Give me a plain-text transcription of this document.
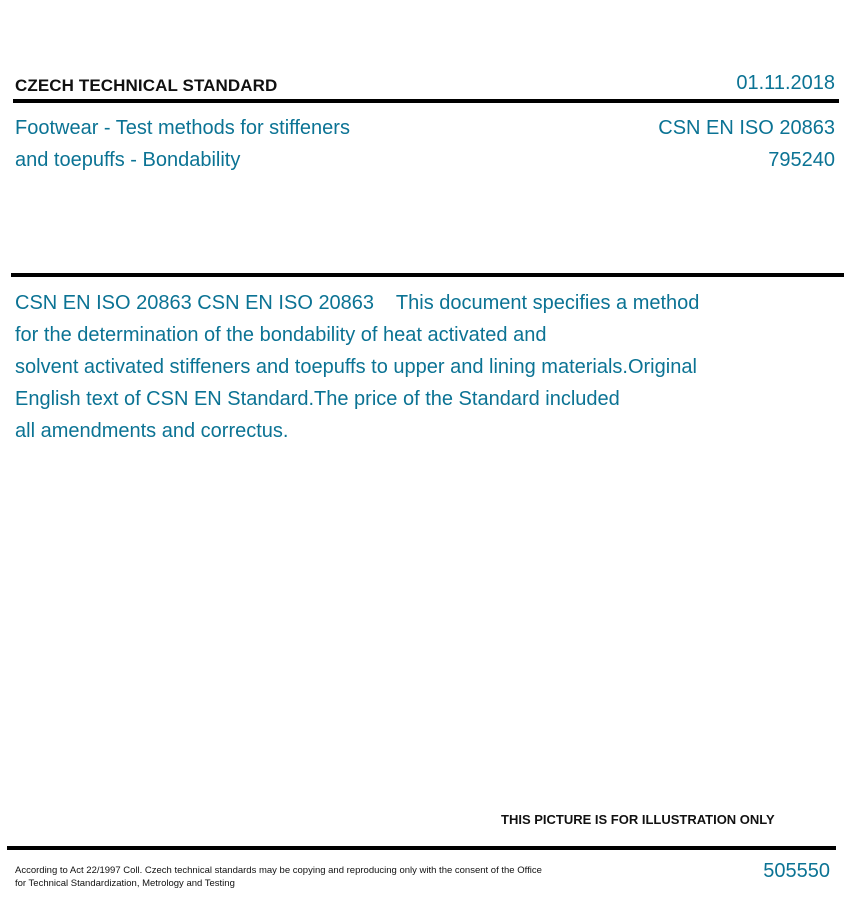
CZECH TECHNICAL STANDARD	01.11.2018
Footwear - Test methods for stiffeners
and toepuffs - Bondability
CSN EN ISO 20863
795240
CSN EN ISO 20863 CSN EN ISO 20863    This document specifies a method
for the determination of the bondability of heat activated and
solvent activated stiffeners and toepuffs to upper and lining materials.Original
English text of CSN EN Standard.The price of the Standard included
all amendments and correctus.
THIS PICTURE IS FOR ILLUSTRATION ONLY
According to Act 22/1997 Coll. Czech technical standards may be copying and reproducing only with the consent of the Office
for Technical Standardization, Metrology and Testing
505550
